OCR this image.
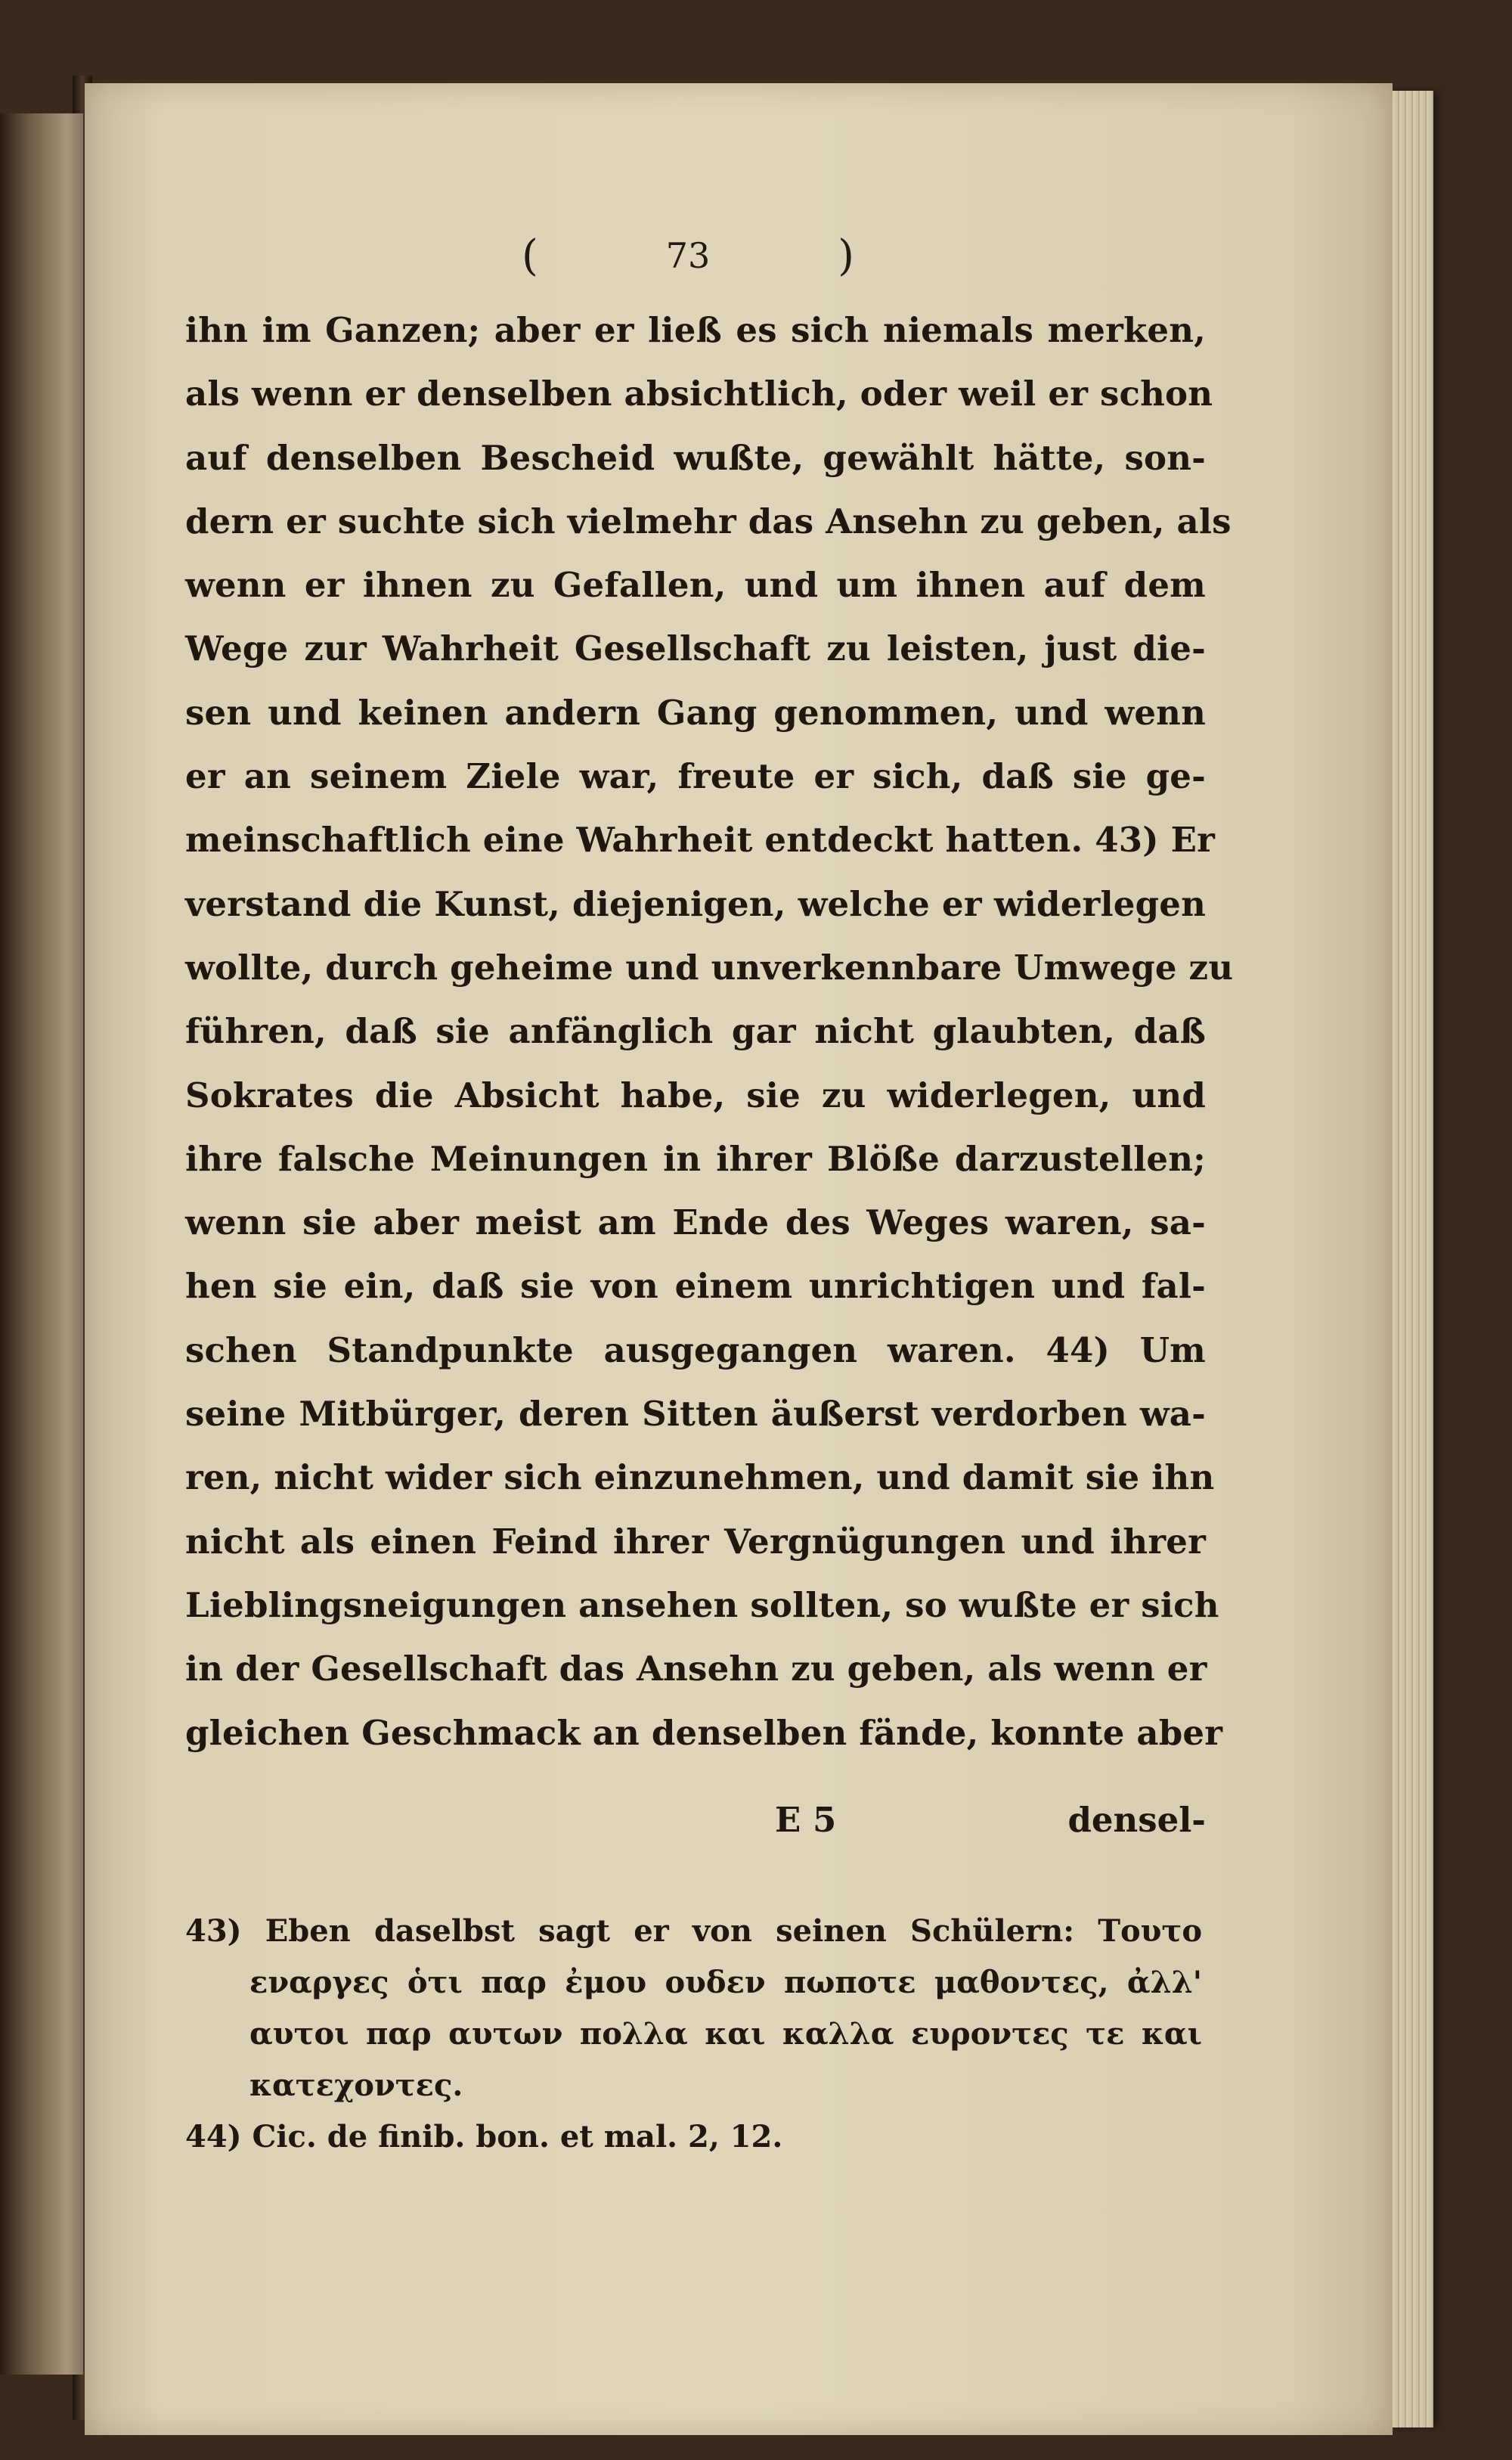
(	73	)
ihn im Ganzen; aber er ließ es sich niemals merken,
als wenn er denselben absichtlich, oder weil er schon
auf denselben Bescheid wußte, gewählt hätte, son-
dern er suchte sich vielmehr das Ansehn zu geben, als
wenn er ihnen zu Gefallen, und um ihnen auf dem
Wege zur Wahrheit Gesellschaft zu leisten, just die-
sen und keinen andern Gang genommen, und wenn
er an seinem Ziele war, freute er sich, daß sie ge-
meinschaftlich eine Wahrheit entdeckt hatten. 43) Er
verstand die Kunst, diejenigen, welche er widerlegen
wollte, durch geheime und unverkennbare Umwege zu
führen, daß sie anfänglich gar nicht glaubten, daß
Sokrates die Absicht habe, sie zu widerlegen, und
ihre falsche Meinungen in ihrer Blöße darzustellen;
wenn sie aber meist am Ende des Weges waren, sa-
hen sie ein, daß sie von einem unrichtigen und fal-
schen Standpunkte ausgegangen waren. 44) Um
seine Mitbürger, deren Sitten äußerst verdorben wa-
ren, nicht wider sich einzunehmen, und damit sie ihn
nicht als einen Feind ihrer Vergnügungen und ihrer
Lieblingsneigungen ansehen sollten, so wußte er sich
in der Gesellschaft das Ansehn zu geben, als wenn er
gleichen Geschmack an denselben fände, konnte aber
E 5	densel-
43) Eben daselbst sagt er von seinen Schülern: Τουτο
εναργες ὁτι παρ ἐμου ουδεν πωποτε μαθοντες, ἀλλ'
αυτοι παρ αυτων πολλα και καλλα ευροντες τε και
κατεχοντες.
44) Cic. de finib. bon. et mal. 2, 12.
